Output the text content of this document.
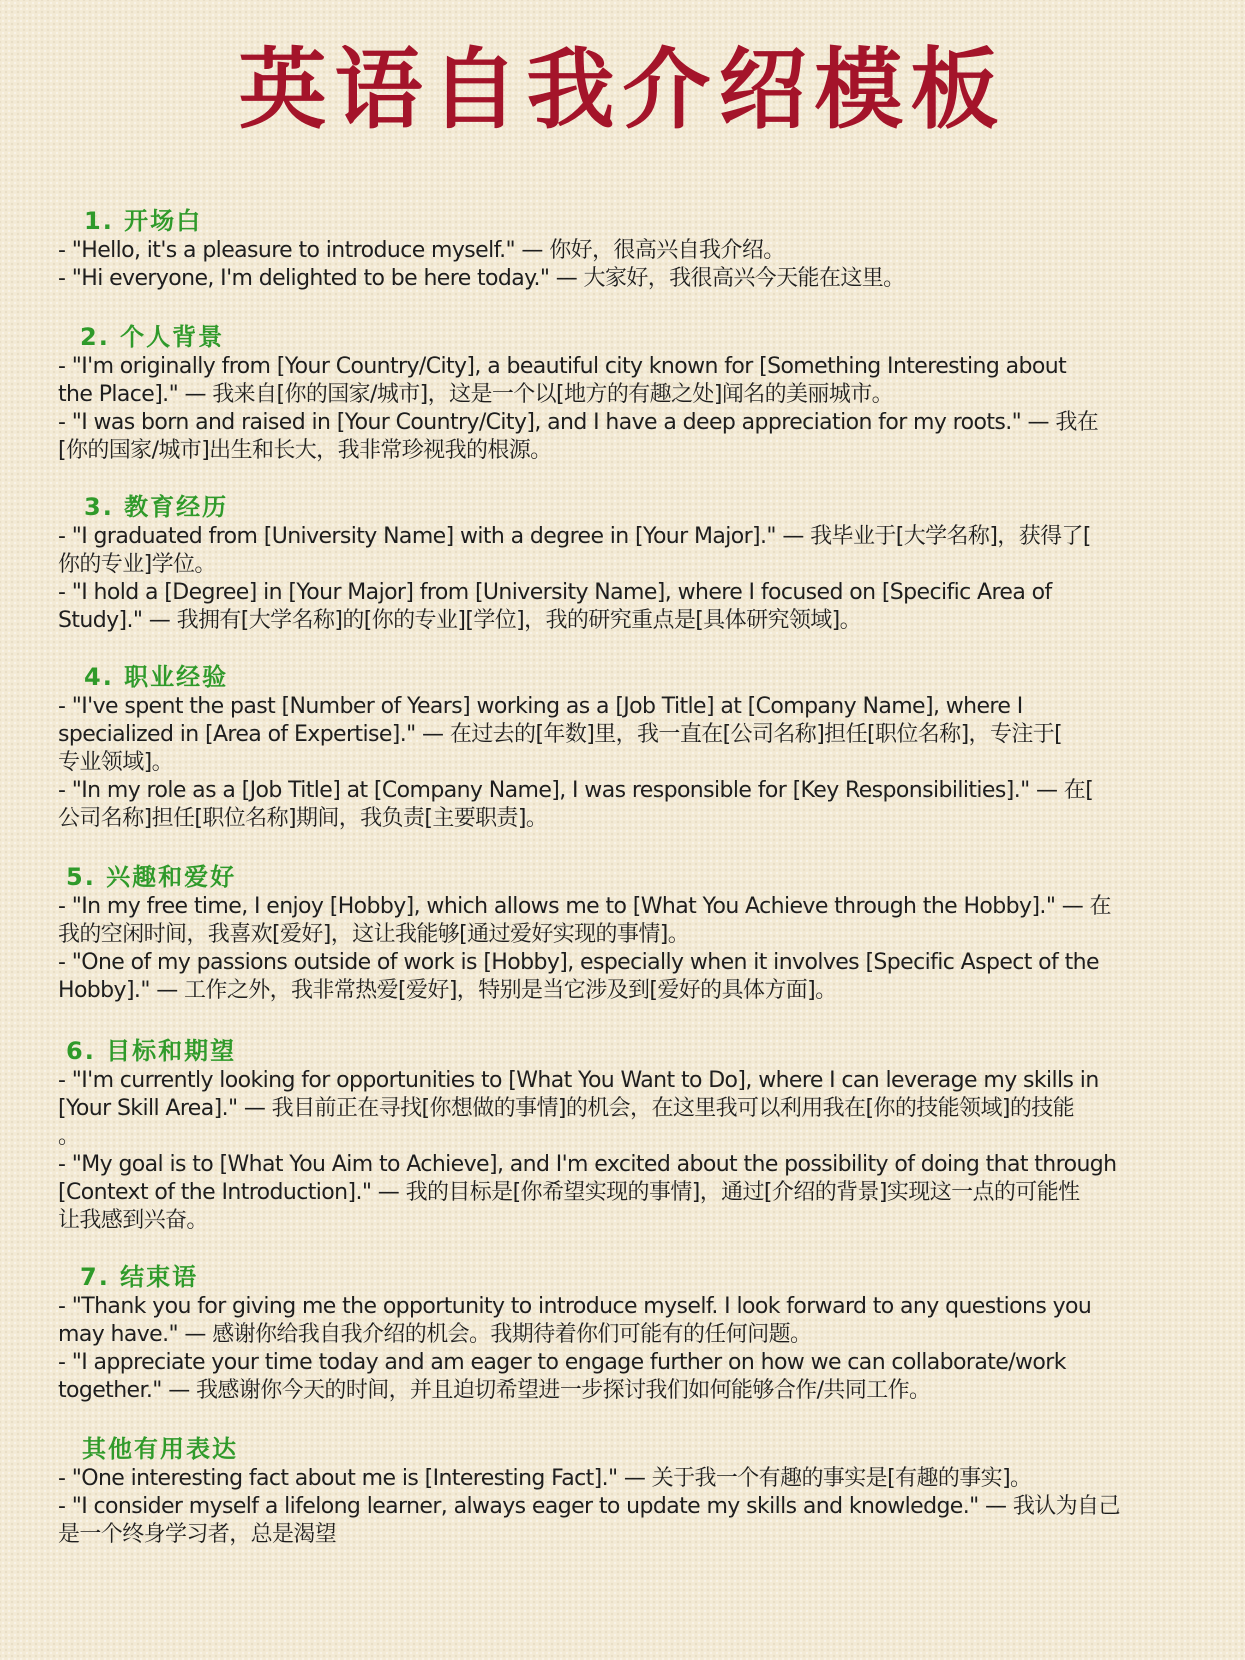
英语自我介绍模板
1. 开场白
- "Hello, it's a pleasure to introduce myself." — 你好，很高兴自我介绍。
- "Hi everyone, I'm delighted to be here today." — 大家好，我很高兴今天能在这里。
2. 个人背景
- "I'm originally from [Your Country/City], a beautiful city known for [Something Interesting about
the Place]." — 我来自[你的国家/城市]，这是一个以[地方的有趣之处]闻名的美丽城市。
- "I was born and raised in [Your Country/City], and I have a deep appreciation for my roots." — 我在
[你的国家/城市]出生和长大，我非常珍视我的根源。
3. 教育经历
- "I graduated from [University Name] with a degree in [Your Major]." — 我毕业于[大学名称]，获得了[
你的专业]学位。
- "I hold a [Degree] in [Your Major] from [University Name], where I focused on [Specific Area of
Study]." — 我拥有[大学名称]的[你的专业][学位]，我的研究重点是[具体研究领域]。
4. 职业经验
- "I've spent the past [Number of Years] working as a [Job Title] at [Company Name], where I
specialized in [Area of Expertise]." — 在过去的[年数]里，我一直在[公司名称]担任[职位名称]，专注于[
专业领域]。
- "In my role as a [Job Title] at [Company Name], I was responsible for [Key Responsibilities]." — 在[
公司名称]担任[职位名称]期间，我负责[主要职责]。
5. 兴趣和爱好
- "In my free time, I enjoy [Hobby], which allows me to [What You Achieve through the Hobby]." — 在
我的空闲时间，我喜欢[爱好]，这让我能够[通过爱好实现的事情]。
- "One of my passions outside of work is [Hobby], especially when it involves [Specific Aspect of the
Hobby]." — 工作之外，我非常热爱[爱好]，特别是当它涉及到[爱好的具体方面]。
6. 目标和期望
- "I'm currently looking for opportunities to [What You Want to Do], where I can leverage my skills in
[Your Skill Area]." — 我目前正在寻找[你想做的事情]的机会，在这里我可以利用我在[你的技能领域]的技能
。
- "My goal is to [What You Aim to Achieve], and I'm excited about the possibility of doing that through
[Context of the Introduction]." — 我的目标是[你希望实现的事情]，通过[介绍的背景]实现这一点的可能性
让我感到兴奋。
7. 结束语
- "Thank you for giving me the opportunity to introduce myself. I look forward to any questions you
may have." — 感谢你给我自我介绍的机会。我期待着你们可能有的任何问题。
- "I appreciate your time today and am eager to engage further on how we can collaborate/work
together." — 我感谢你今天的时间，并且迫切希望进一步探讨我们如何能够合作/共同工作。
其他有用表达
- "One interesting fact about me is [Interesting Fact]." — 关于我一个有趣的事实是[有趣的事实]。
- "I consider myself a lifelong learner, always eager to update my skills and knowledge." — 我认为自己
是一个终身学习者，总是渴望
